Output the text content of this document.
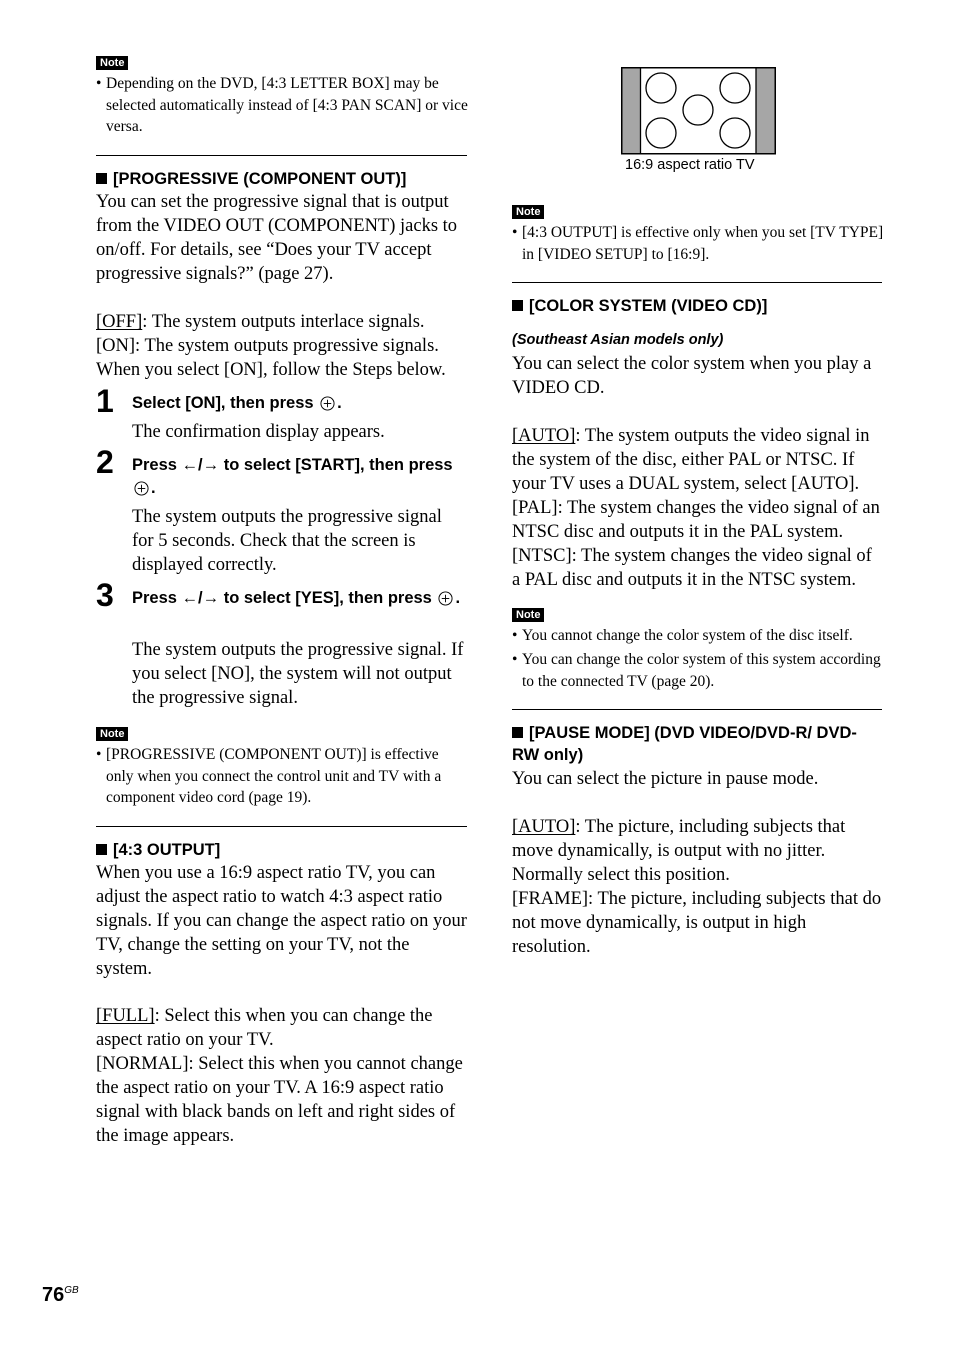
Note
• Depending on the DVD, [4:3 LETTER BOX] may be selected automatically instead of [4:3 PAN SCAN] or vice versa.
[PROGRESSIVE (COMPONENT OUT)]
You can set the progressive signal that is output from the VIDEO OUT (COMPONENT) jacks to on/off. For details, see “Does your TV accept progressive signals?” (page 27).
[OFF]: The system outputs interlace signals.
[ON]: The system outputs progressive signals. When you select [ON], follow the Steps below.
1 Select [ON], then press .
The confirmation display appears.
2 Press ←/→ to select [START], then press .
The system outputs the progressive signal for 5 seconds. Check that the screen is displayed correctly.
3 Press ←/→ to select [YES], then press .
The system outputs the progressive signal. If you select [NO], the system will not output the progressive signal.
Note
• [PROGRESSIVE (COMPONENT OUT)] is effective only when you connect the control unit and TV with a component video cord (page 19).
[4:3 OUTPUT]
When you use a 16:9 aspect ratio TV, you can adjust the aspect ratio to watch 4:3 aspect ratio signals. If you can change the aspect ratio on your TV, change the setting on your TV, not the system.
[FULL]: Select this when you can change the aspect ratio on your TV.
[NORMAL]: Select this when you cannot change the aspect ratio on your TV. A 16:9 aspect ratio signal with black bands on left and right sides of the image appears.
16:9 aspect ratio TV
Note
• [4:3 OUTPUT] is effective only when you set [TV TYPE] in [VIDEO SETUP] to [16:9].
[COLOR SYSTEM (VIDEO CD)]
(Southeast Asian models only)
You can select the color system when you play a VIDEO CD.
[AUTO]: The system outputs the video signal in the system of the disc, either PAL or NTSC. If your TV uses a DUAL system, select [AUTO].
[PAL]: The system changes the video signal of an NTSC disc and outputs it in the PAL system.
[NTSC]: The system changes the video signal of a PAL disc and outputs it in the NTSC system.
Note
• You cannot change the color system of the disc itself.
• You can change the color system of this system according to the connected TV (page 20).
[PAUSE MODE] (DVD VIDEO/DVD-R/ DVD-RW only)
You can select the picture in pause mode.
[AUTO]: The picture, including subjects that move dynamically, is output with no jitter. Normally select this position.
[FRAME]: The picture, including subjects that do not move dynamically, is output in high resolution.
$76^{GB}$
